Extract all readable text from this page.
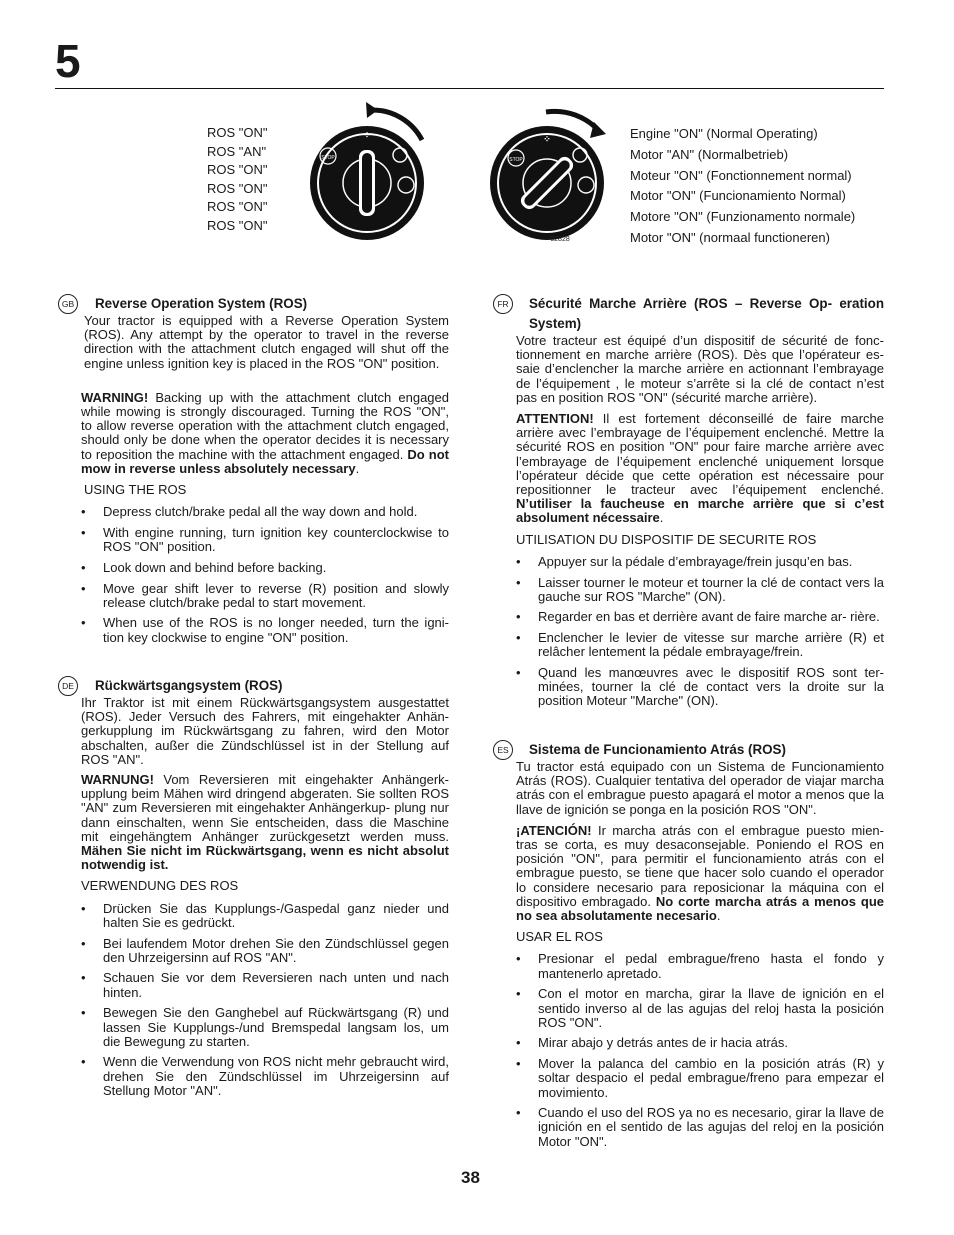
5
ROS "ON"
ROS "AN"
ROS "ON"
ROS "ON"
ROS "ON"
ROS "ON"
⁘
STOP
⁘
STOP
02828
Engine "ON" (Normal Operating)
Motor "AN" (Normalbetrieb)
Moteur "ON" (Fonctionnement normal)
Motor "ON" (Funcionamiento Normal)
Motore "ON" (Funzionamento normale)
Motor "ON" (normaal functioneren)
GB Reverse Operation System (ROS)

Your tractor is equipped with a Reverse Operation System (ROS). Any attempt by the operator to travel in the reverse direction with the attachment clutch engaged will shut off the engine unless ignition key is placed in the ROS "ON" position.

WARNING! Backing up with the attachment clutch engaged while mowing is strongly discouraged. Turning the ROS "ON", to allow reverse operation with the attachment clutch engaged, should only be done when the operator decides it is necessary to reposition the machine with the attachment engaged. Do not mow in reverse unless absolutely necessary.

USING THE ROS

• Depress clutch/brake pedal all the way down and hold.
• With engine running, turn ignition key counterclockwise to ROS "ON" position.
• Look down and behind before backing.
• Move gear shift lever to reverse (R) position and slowly release clutch/brake pedal to start movement.
• When use of the ROS is no longer needed, turn the igni- tion key clockwise to engine "ON" position.
DE	Rückwärtsgangsystem (ROS)

Ihr Traktor ist mit einem Rückwärtsgangsystem ausgestattet (ROS). Jeder Versuch des Fahrers, mit eingehakter Anhän- gerkupplung im Rückwärtsgang zu fahren, wird den Motor abschalten, außer die Zündschlüssel ist in der Stellung auf ROS "AN".

WARNUNG! Vom Reversieren mit eingehakter Anhängerk- upplung beim Mähen wird dringend abgeraten. Sie sollten ROS "AN" zum Reversieren mit eingehakter Anhängerkup- plung nur dann einschalten, wenn Sie entscheiden, dass die Maschine mit eingehängtem Anhänger zurückgesetzt werden muss. Mähen Sie nicht im Rückwärtsgang, wenn es nicht absolut notwendig ist.

VERWENDUNG DES ROS

• Drücken Sie das Kupplungs-/Gaspedal ganz nieder und halten Sie es gedrückt.
• Bei laufendem Motor drehen Sie den Zündschlüssel gegen den Uhrzeigersinn auf ROS "AN".
• Schauen Sie vor dem Reversieren nach unten und nach hinten.
• Bewegen Sie den Ganghebel auf Rückwärtsgang (R) und lassen Sie Kupplungs-/und Bremspedal langsam los, um die Bewegung zu starten.
• Wenn die Verwendung von ROS nicht mehr gebraucht wird, drehen Sie den Zündschlüssel im Uhrzeigersinn auf Stellung Motor "AN".
FR	Sécurité Marche Arrière (ROS – Reverse Op- eration System)

Votre tracteur est équipé d’un dispositif de sécurité de fonc- tionnement en marche arrière (ROS). Dès que l’opérateur es- saie d’enclencher la marche arrière en actionnant l’embrayage de l’équipement , le moteur s’arrête si la clé de contact n’est pas en position ROS "ON" (sécurité marche arrière).

ATTENTION! Il est fortement déconseillé de faire marche arrière avec l’embrayage de l’équipement enclenché. Mettre la sécurité ROS en position "ON" pour faire marche arrière avec l’embrayage de l’équipement enclenché uniquement lorsque l’opérateur décide que cette opération est nécessaire pour repositionner le tracteur avec l’équipement enclenché. N’utiliser la faucheuse en marche arrière que si c’est absolument nécessaire.

UTILISATION DU DISPOSITIF DE SECURITE ROS

• Appuyer sur la pédale d’embrayage/frein jusqu’en bas.
• Laisser tourner le moteur et tourner la clé de contact vers la gauche sur ROS "Marche" (ON).
• Regarder en bas et derrière avant de faire marche ar- rière.
• Enclencher le levier de vitesse sur marche arrière (R) et relâcher lentement la pédale embrayage/frein.
• Quand les manœuvres avec le dispositif ROS sont ter- minées, tourner la clé de contact vers la droite sur la position Moteur "Marche" (ON).
ES	Sistema de Funcionamiento Atrás (ROS)

Tu tractor está equipado con un Sistema de Funcionamiento Atrás (ROS). Cualquier tentativa del operador de viajar marcha atrás con el embrague puesto apagará el motor a menos que la llave de ignición se ponga en la posición ROS "ON".

¡ATENCIÓN! Ir marcha atrás con el embrague puesto mien- tras se corta, es muy desaconsejable. Poniendo el ROS en posición "ON", para permitir el funcionamiento atrás con el embrague puesto, se tiene que hacer solo cuando el operador lo considere necesario para reposicionar la máquina con el dispositivo embragado. No corte marcha atrás a menos que no sea absolutamente necesario.

USAR EL ROS

• Presionar el pedal embrague/freno hasta el fondo y mantenerlo apretado.
• Con el motor en marcha, girar la llave de ignición en el sentido inverso al de las agujas del reloj hasta la posición ROS "ON".
• Mirar abajo y detrás antes de ir hacia atrás.
• Mover la palanca del cambio en la posición atrás (R) y soltar despacio el pedal embrague/freno para empezar el movimiento.
• Cuando el uso del ROS ya no es necesario, girar la llave de ignición en el sentido de las agujas del reloj en la posición Motor "ON".
38
